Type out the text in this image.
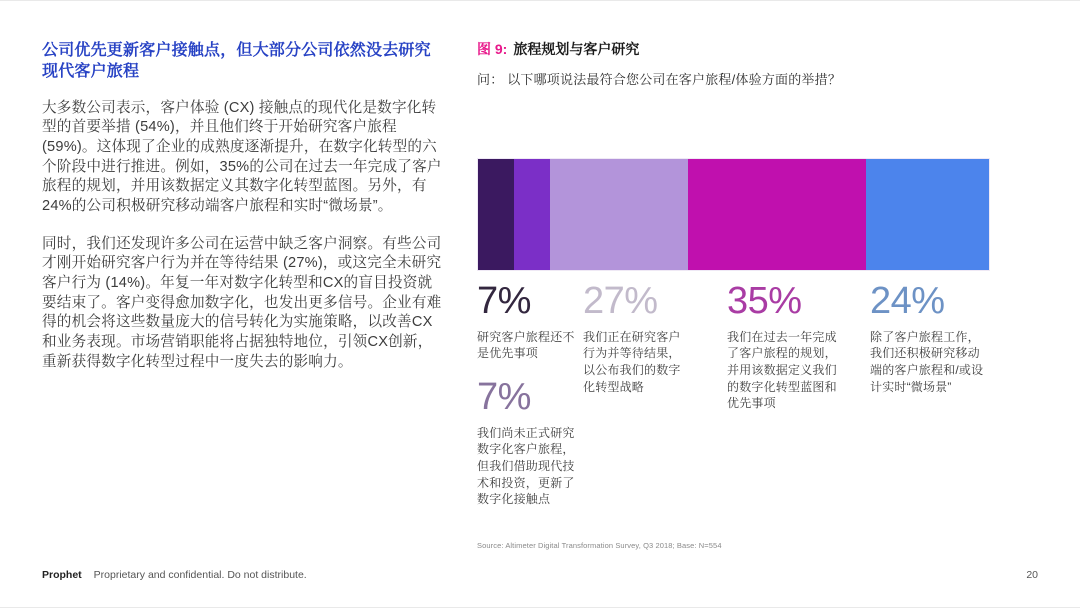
公司优先更新客户接触点，但大部分公司依然没去研究现代客户旅程
大多数公司表示，客户体验 (CX) 接触点的现代化是数字化转型的首要举措 (54%)，并且他们终于开始研究客户旅程 (59%)。这体现了企业的成熟度逐渐提升，在数字化转型的六个阶段中进行推进。例如，35%的公司在过去一年完成了客户旅程的规划，并用该数据定义其数字化转型蓝图。另外，有24%的公司积极研究移动端客户旅程和实时“微场景”。
同时，我们还发现许多公司在运营中缺乏客户洞察。有些公司才刚开始研究客户行为并在等待结果 (27%)，或这完全未研究客户行为 (14%)。年复一年对数字化转型和CX的盲目投资就要结束了。客户变得愈加数字化，也发出更多信号。企业有难得的机会将这些数量庞大的信号转化为实施策略，以改善CX和业务表现。市场营销职能将占据独特地位，引领CX创新，重新获得数字化转型过程中一度失去的影响力。
图 9: 旅程规划与客户研究
问： 以下哪项说法最符合您公司在客户旅程/体验方面的举措？
7%
研究客户旅程还不是优先事项
7%
我们尚未正式研究数字化客户旅程，但我们借助现代技术和投资，更新了数字化接触点
27%
我们正在研究客户行为并等待结果，以公布我们的数字化转型战略
35%
我们在过去一年完成了客户旅程的规划，并用该数据定义我们的数字化转型蓝图和优先事项
24%
除了客户旅程工作，我们还积极研究移动端的客户旅程和/或设计实时“微场景”
Source: Altimeter Digital Transformation Survey, Q3 2018; Base: N=554
Prophet Proprietary and confidential. Do not distribute.	20
